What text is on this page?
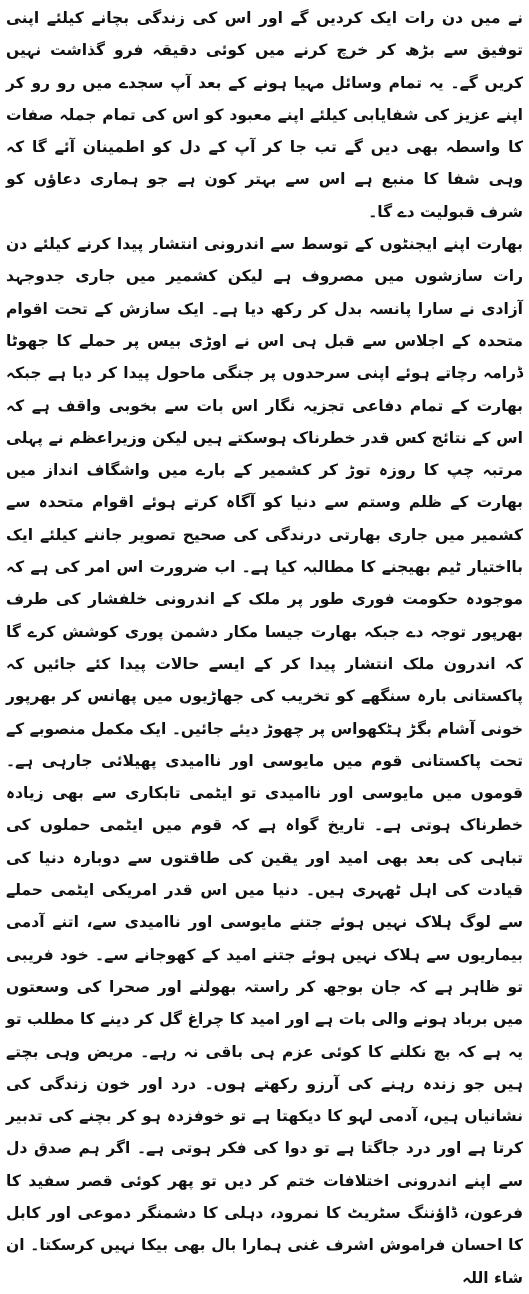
نے میں دن رات ایک کردیں گے اور اس کی زندگی بچانے کیلئے اپنی توفیق سے بڑھ کر خرچ کرنے میں کوئی دقیقہ فرو گذاشت نہیں کریں گے۔ یہ تمام وسائل مہیا ہونے کے بعد آپ سجدے میں رو رو کر اپنے عزیز کی شفایابی کیلئے اپنے معبود کو اس کی تمام جملہ صفات کا واسطہ بھی دیں گے تب جا کر آپ کے دل کو اطمینان آئے گا کہ وہی شفا کا منبع ہے اس سے بہتر کون ہے جو ہماری دعاؤں کو شرف قبولیت دے گا۔

بھارت اپنے ایجنٹوں کے توسط سے اندرونی انتشار پیدا کرنے کیلئے دن رات سازشوں میں مصروف ہے لیکن کشمیر میں جاری جدوجہد آزادی نے سارا پانسہ بدل کر رکھ دیا ہے۔ ایک سازش کے تحت اقوام متحدہ کے اجلاس سے قبل ہی اس نے اوڑی بیس پر حملے کا جھوٹا ڈرامہ رچاتے ہوئے اپنی سرحدوں پر جنگی ماحول پیدا کر دیا ہے جبکہ بھارت کے تمام دفاعی تجزیہ نگار اس بات سے بخوبی واقف ہے کہ اس کے نتائج کس قدر خطرناک ہوسکتے ہیں لیکن وزیراعظم نے پہلی مرتبہ چپ کا روزہ توڑ کر کشمیر کے بارے میں واشگاف انداز میں بھارت کے ظلم وستم سے دنیا کو آگاہ کرتے ہوئے اقوام متحدہ سے کشمیر میں جاری بھارتی درندگی کی صحیح تصویر جاننے کیلئے ایک بااختیار ٹیم بھیجنے کا مطالبہ کیا ہے۔ اب ضرورت اس امر کی ہے کہ موجودہ حکومت فوری طور پر ملک کے اندرونی خلفشار کی طرف بھرپور توجہ دے جبکہ بھارت جیسا مکار دشمن پوری کوشش کرے گا کہ اندرون ملک انتشار پیدا کر کے ایسے حالات پیدا کئے جائیں کہ پاکستانی بارہ سنگھے کو تخریب کی جھاڑیوں میں پھانس کر بھرپور خونی آشام بگڑ ہٹکھواس پر چھوڑ دیئے جائیں۔ ایک مکمل منصوبے کے تحت پاکستانی قوم میں مایوسی اور ناامیدی پھیلائی جارہی ہے۔ قوموں میں مایوسی اور ناامیدی تو ایٹمی تابکاری سے بھی زیادہ خطرناک ہوتی ہے۔ تاریخ گواہ ہے کہ قوم میں ایٹمی حملوں کی تباہی کی بعد بھی امید اور یقین کی طاقتوں سے دوبارہ دنیا کی قیادت کی اہل ٹھہری ہیں۔ دنیا میں اس قدر امریکی ایٹمی حملے سے لوگ ہلاک نہیں ہوئے جتنے مایوسی اور ناامیدی سے، اتنے آدمی بیماریوں سے ہلاک نہیں ہوئے جتنے امید کے کھوجانے سے۔ خود فریبی تو ظاہر ہے کہ جان بوجھ کر راستہ بھولنے اور صحرا کی وسعتوں میں برباد ہونے والی بات ہے اور امید کا چراغ گل کر دینے کا مطلب تو یہ ہے کہ بچ نکلنے کا کوئی عزم ہی باقی نہ رہے۔ مریض وہی بچتے ہیں جو زندہ رہنے کی آرزو رکھتے ہوں۔ درد اور خون زندگی کی نشانیاں ہیں، آدمی لہو کا دیکھتا ہے تو خوفزدہ ہو کر بچنے کی تدبیر کرتا ہے اور درد جاگتا ہے تو دوا کی فکر ہوتی ہے۔ اگر ہم صدق دل سے اپنے اندرونی اختلافات ختم کر دیں تو پھر کوئی قصر سفید کا فرعون، ڈاؤننگ سٹریٹ کا نمرود، دہلی کا دشمنگر دموعی اور کابل کا احسان فراموش اشرف غنی ہمارا بال بھی بیکا نہیں کرسکتا۔ ان شاء اللہ
